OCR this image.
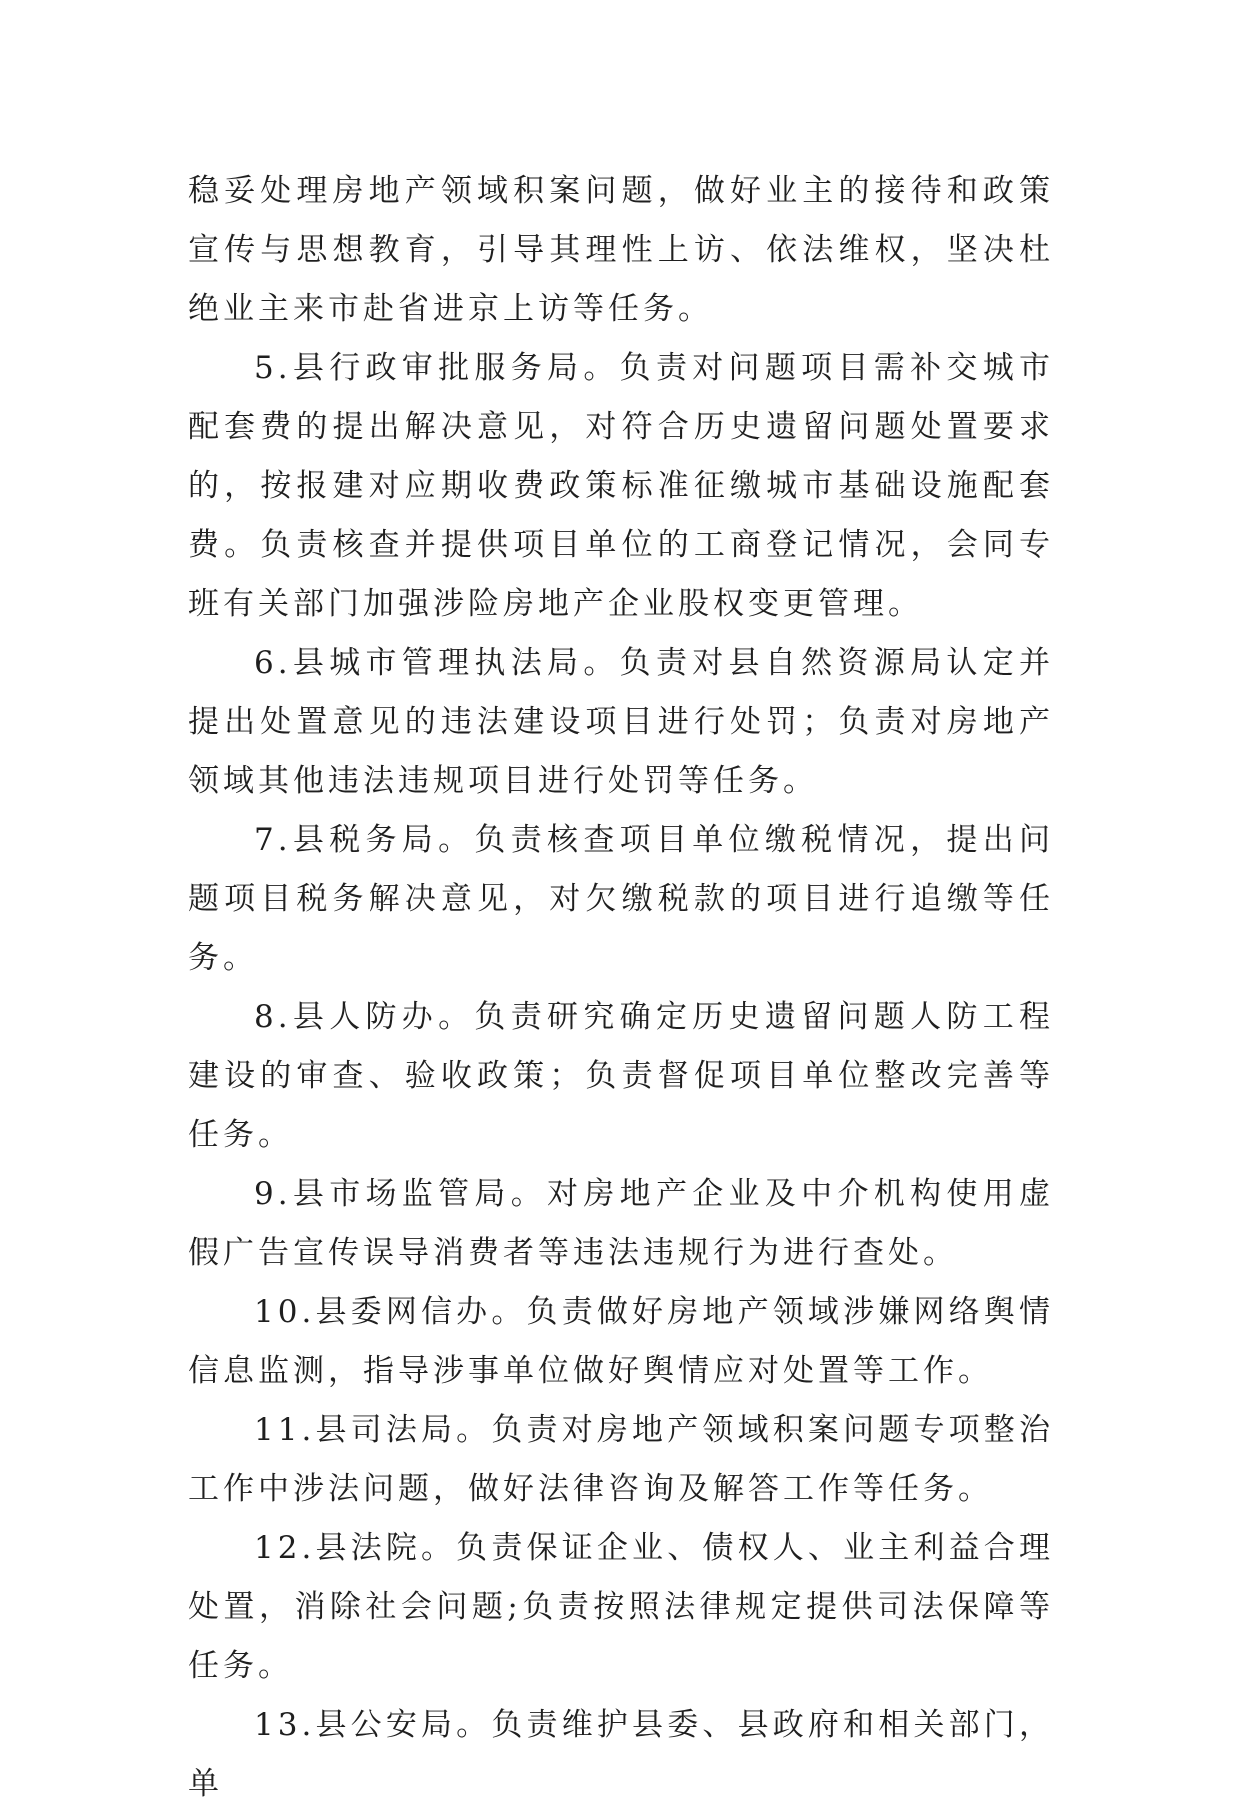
稳妥处理房地产领域积案问题，做好业主的接待和政策宣传与思想教育，引导其理性上访、依法维权，坚决杜绝业主来市赴省进京上访等任务。

5.县行政审批服务局。负责对问题项目需补交城市配套费的提出解决意见，对符合历史遗留问题处置要求的，按报建对应期收费政策标准征缴城市基础设施配套费。负责核查并提供项目单位的工商登记情况，会同专班有关部门加强涉险房地产企业股权变更管理。

6.县城市管理执法局。负责对县自然资源局认定并提出处置意见的违法建设项目进行处罚；负责对房地产领域其他违法违规项目进行处罚等任务。

7.县税务局。负责核查项目单位缴税情况，提出问题项目税务解决意见，对欠缴税款的项目进行追缴等任务。

8.县人防办。负责研究确定历史遗留问题人防工程建设的审查、验收政策；负责督促项目单位整改完善等任务。

9.县市场监管局。对房地产企业及中介机构使用虚假广告宣传误导消费者等违法违规行为进行查处。

10.县委网信办。负责做好房地产领域涉嫌网络舆情信息监测，指导涉事单位做好舆情应对处置等工作。

11.县司法局。负责对房地产领域积案问题专项整治工作中涉法问题，做好法律咨询及解答工作等任务。

12.县法院。负责保证企业、债权人、业主利益合理处置，消除社会问题;负责按照法律规定提供司法保障等任务。

13.县公安局。负责维护县委、县政府和相关部门，单
